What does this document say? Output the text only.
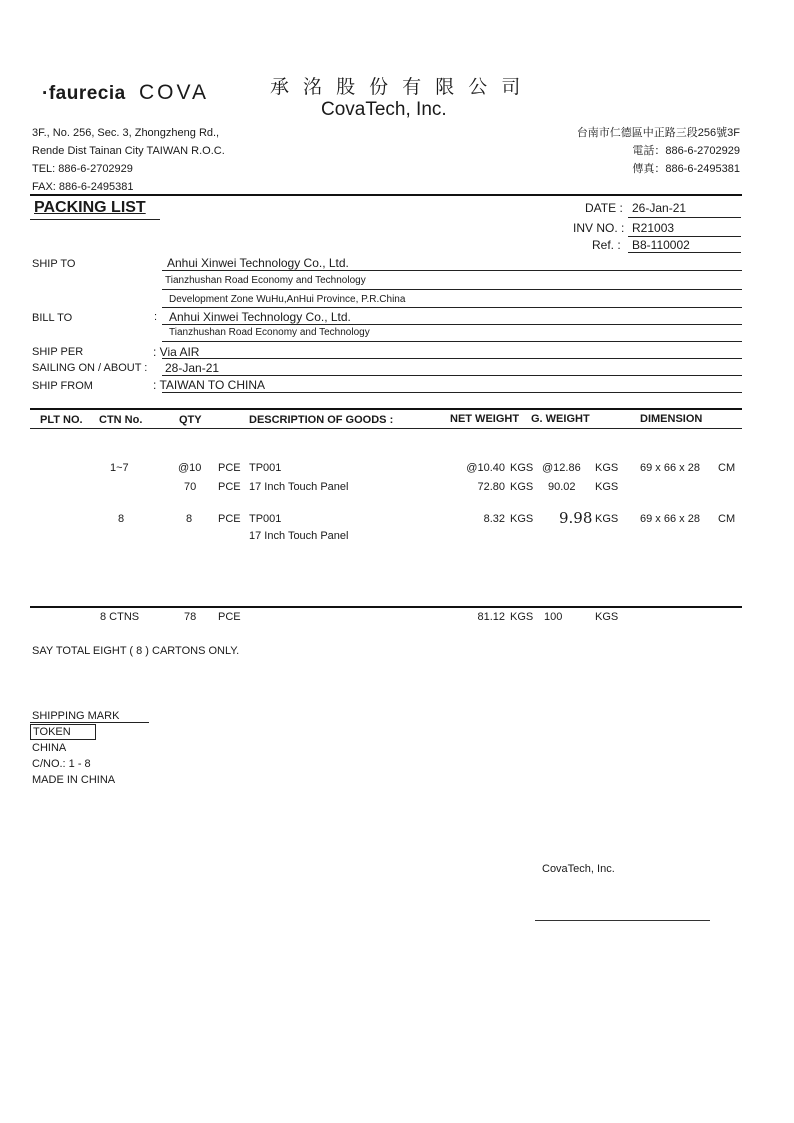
·faurecia COVA	承 洺 股 份 有 限 公 司
CovaTech, Inc.
3F., No. 256, Sec. 3, Zhongzheng Rd.,
Rende Dist Tainan City TAIWAN R.O.C.
TEL: 886-6-2702929
FAX: 886-6-2495381
台南市仁德區中正路三段256號3F
電話：886-6-2702929
傳真：886-6-2495381
PACKING LIST	DATE : 26-Jan-21
INV NO. : R21003
Ref. : B8-110002
SHIP TO	Anhui Xinwei Technology Co., Ltd.
Tianzhushan Road Economy and Technology
Development Zone WuHu,AnHui Province, P.R.China
BILL TO	: Anhui Xinwei Technology Co., Ltd.
Tianzhushan Road Economy and Technology
SHIP PER	: Via AIR
SAILING ON / ABOUT : 28-Jan-21
SHIP FROM	: TAIWAN TO CHINA
PLT NO. CTN No.	QTY	DESCRIPTION OF GOODS :	NET WEIGHT G. WEIGHT	DIMENSION
1~7	@10 PCE TP001	@10.40 KGS @12.86 KGS 69 x 66 x 28 CM
70 PCE 17 Inch Touch Panel	72.80 KGS 90.02 KGS
8	8 PCE TP001	8.32 KGS 9.98 KGS 69 x 66 x 28 CM
17 Inch Touch Panel
8 CTNS	78 PCE	81.12 KGS 100	KGS
SAY TOTAL EIGHT ( 8 ) CARTONS ONLY.
SHIPPING MARK
TOKEN
CHINA
C/NO.: 1 - 8
MADE IN CHINA
CovaTech, Inc.
